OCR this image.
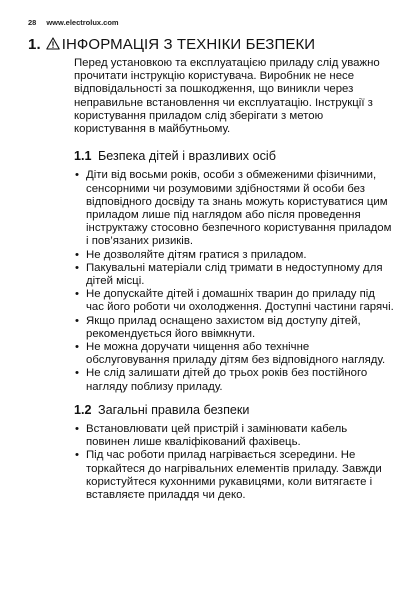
28 www.electrolux.com
1. ІНФОРМАЦІЯ З ТЕХНІКИ БЕЗПЕКИ

Перед установкою та експлуатацією приладу слід уважно прочитати інструкцію користувача. Виробник не несе відповідальності за пошкодження, що виникли через неправильне встановлення чи експлуатацію. Інструкції з користування приладом слід зберігати з метою користування в майбутньому.

1.1 Безпека дітей і вразливих осіб
• Діти від восьми років, особи з обмеженими фізичними, сенсорними чи розумовими здібностями й особи без відповідного досвіду та знань можуть користуватися цим приладом лише під наглядом або після проведення інструктажу стосовно безпечного користування приладом і пов’язаних ризиків.
• Не дозволяйте дітям гратися з приладом.
• Пакувальні матеріали слід тримати в недоступному для дітей місці.
• Не допускайте дітей і домашніх тварин до приладу під час його роботи чи охолодження. Доступні частини гарячі.
• Якщо прилад оснащено захистом від доступу дітей, рекомендується його ввімкнути.
• Не можна доручати чищення або технічне обслуговування приладу дітям без відповідного нагляду.
• Не слід залишати дітей до трьох років без постійного нагляду поблизу приладу.
1.2 Загальні правила безпеки
• Встановлювати цей пристрій і замінювати кабель повинен лише кваліфікований фахівець.
• Під час роботи прилад нагрівається зсередини. Не торкайтеся до нагрівальних елементів приладу. Завжди користуйтеся кухонними рукавицями, коли витягаєте і вставляєте приладдя чи деко.
